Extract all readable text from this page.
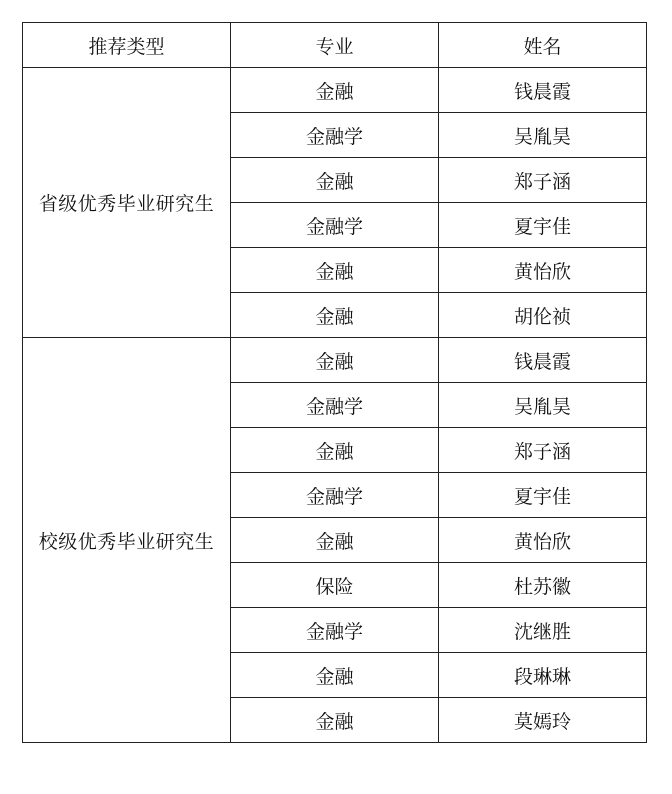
推荐类型	专业	姓名
省级优秀毕业研究生	金融	钱晨霞
	金融学	吴胤昊
	金融	郑子涵
	金融学	夏宇佳
	金融	黄怡欣
	金融	胡伦祯
校级优秀毕业研究生	金融	钱晨霞
	金融学	吴胤昊
	金融	郑子涵
	金融学	夏宇佳
	金融	黄怡欣
	保险	杜苏徽
	金融学	沈继胜
	金融	段琳琳
	金融	莫嫣玲
